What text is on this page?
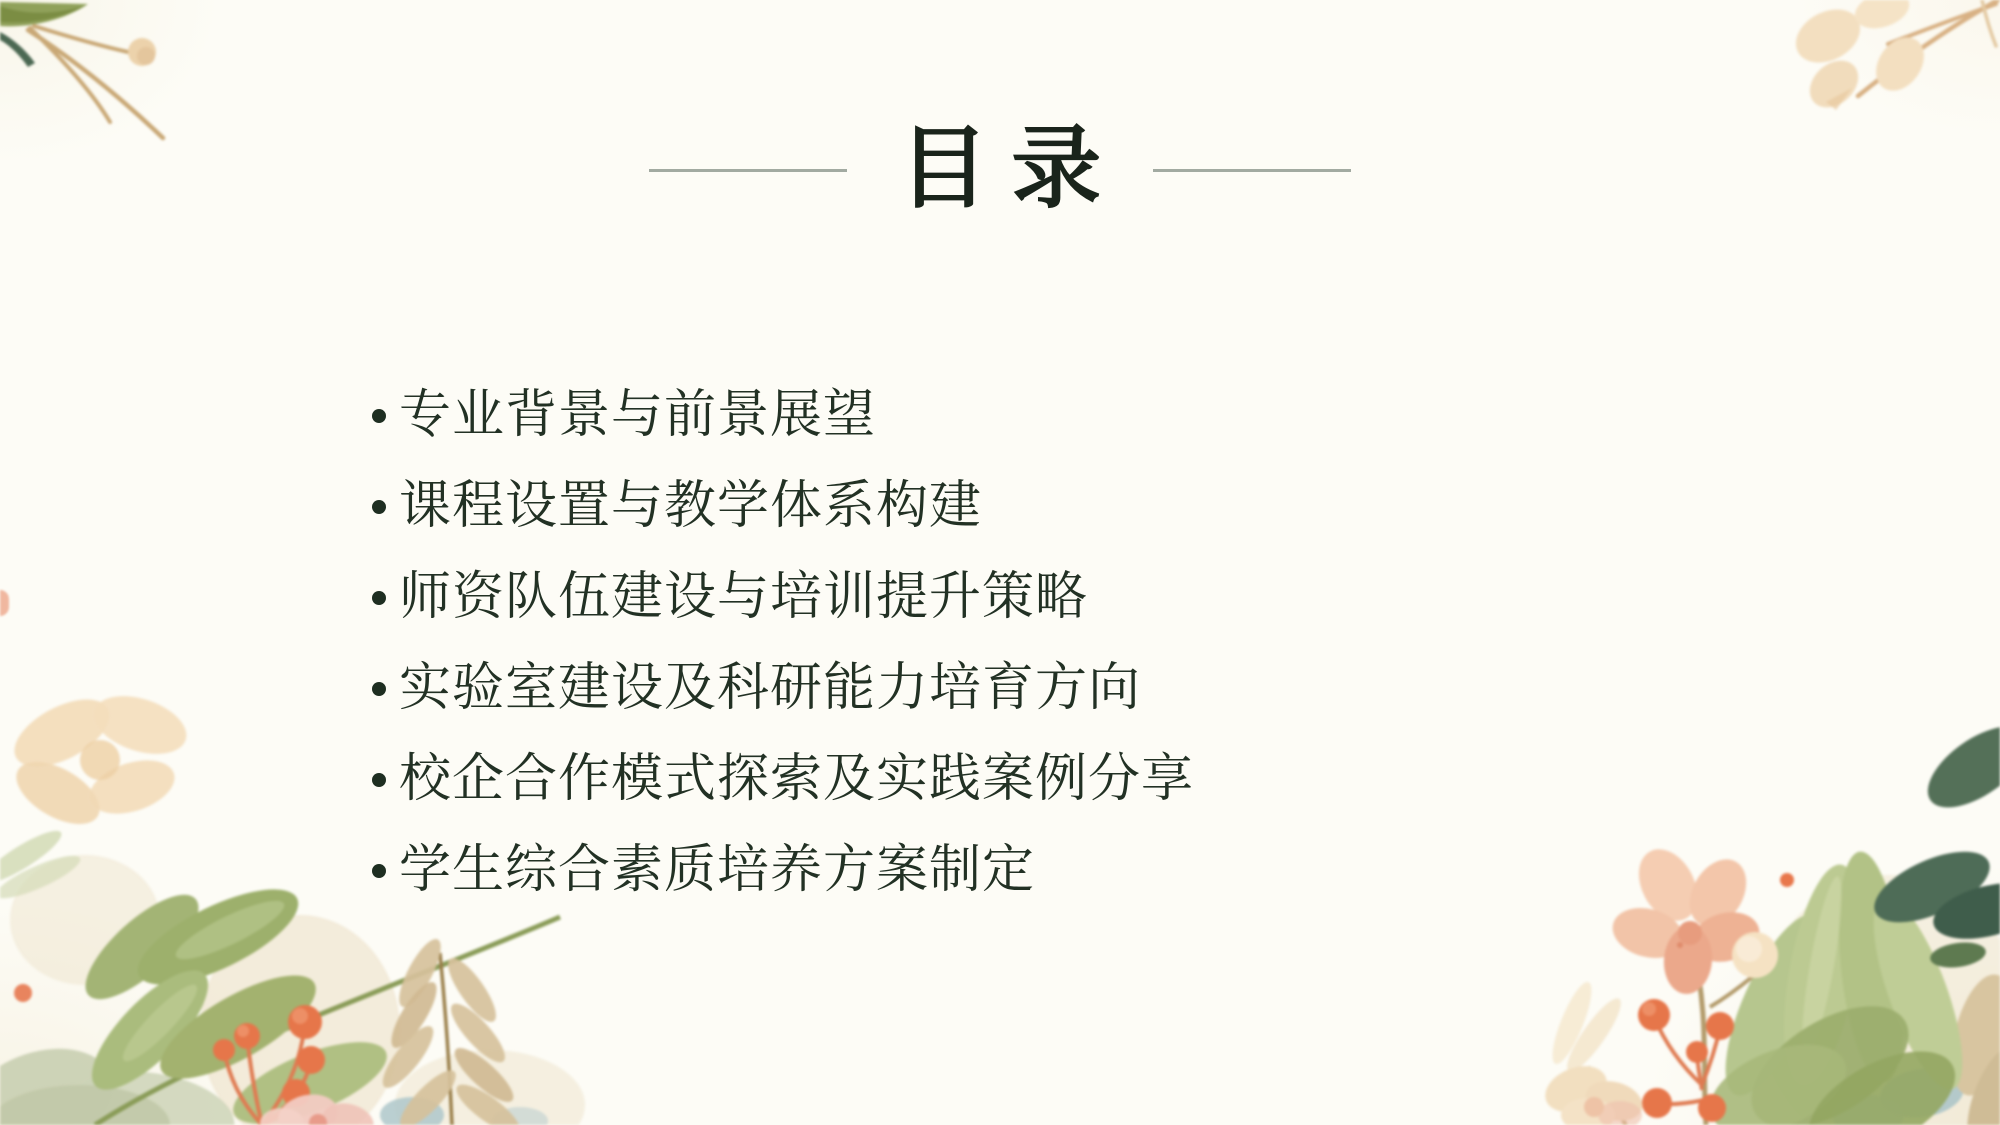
目 录
专业背景与前景展望
课程设置与教学体系构建
师资队伍建设与培训提升策略
实验室建设及科研能力培育方向
校企合作模式探索及实践案例分享
学生综合素质培养方案制定
